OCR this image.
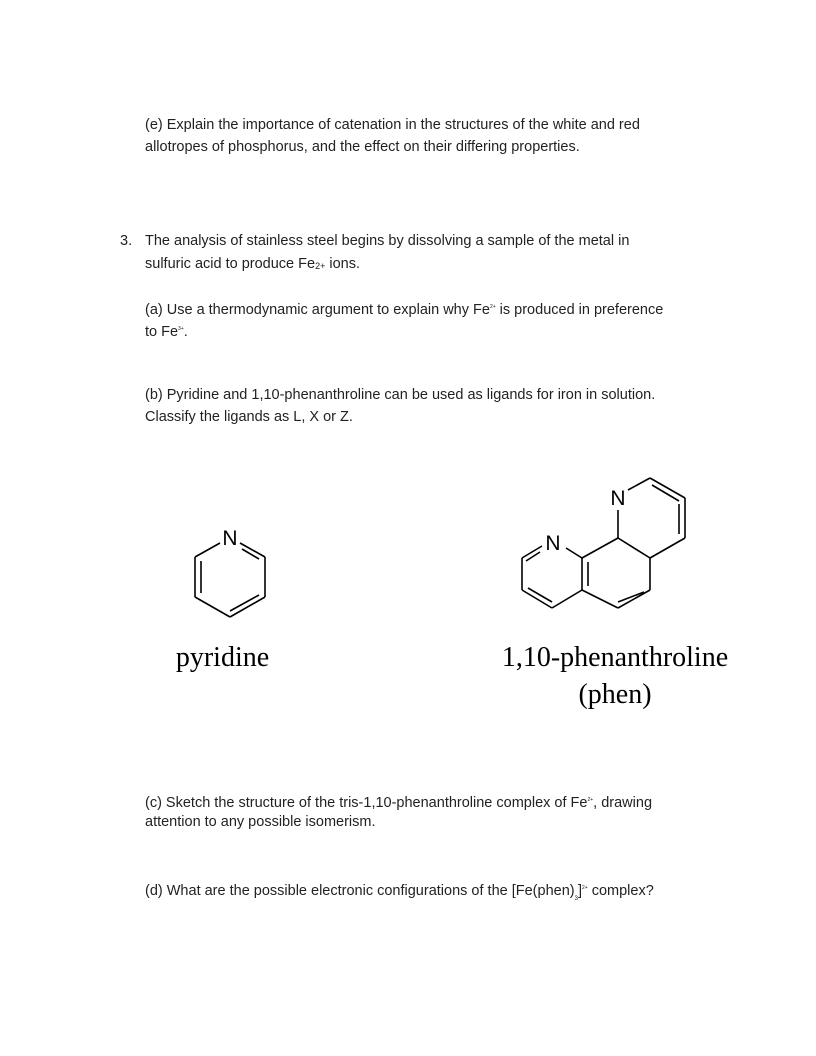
(e) Explain the importance of catenation in the structures of the white and red
allotropes of phosphorus, and the effect on their differing properties.
3. The analysis of stainless steel begins by dissolving a sample of the metal in
sulfuric acid to produce Fe2+ ions.
(a) Use a thermodynamic argument to explain why $Fe^{2+}$ is produced in preference
to $Fe^{3+}$.
(b) Pyridine and 1,10-phenanthroline can be used as ligands for iron in solution.
Classify the ligands as L, X or Z.
N
pyridine
N
N
1,10-phenanthroline
(phen)
(c) Sketch the structure of the tris-1,10-phenanthroline complex of $Fe^{2+}$, drawing
attention to any possible isomerism.
(d) What are the possible electronic configurations of the $[Fe(phen)_3]^{2+}$ complex?
